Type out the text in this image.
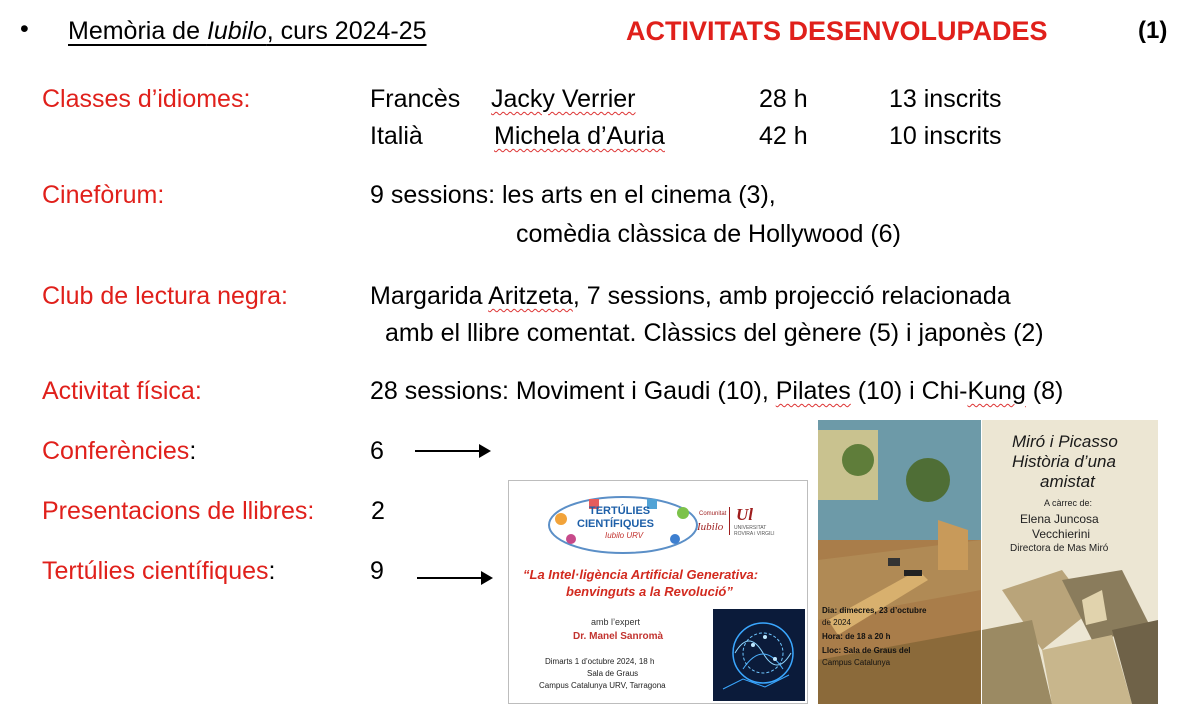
• Memòria de Iubilo, curs 2024-25	ACTIVITATS DESENVOLUPADES	(1)
Classes d’idiomes:	Francès Jacky Verrier	28 h	13 inscrits
Italià	Michela d’Auria	42 h	10 inscrits
Cinefòrum:	9 sessions: les arts en el cinema (3),
comèdia clàssica de Hollywood (6)
Club de lectura negra:	Margarida Aritzeta, 7 sessions, amb projecció relacionada
amb el llibre comentat. Clàssics del gènere (5) i japonès (2)
Activitat física:	28 sessions: Moviment i Gaudi (10), Pilates (10) i Chi-Kung (8)
Conferències:	6
Presentacions de llibres: 2
Tertúlies científiques:	9
TERTÚLIES
CIENTÍFIQUES
Iubilo URV
Comunitat
Iubilo
Ul
UNIVERSITAT
ROVIRA i VIRGILI
“La Intel·ligència Artificial Generativa:
benvinguts a la Revolució”
amb l’expert
Dr. Manel Sanromà
Dimarts 1 d’octubre 2024, 18 h
Sala de Graus
Campus Catalunya URV, Tarragona
Dia: dimecres, 23 d’octubre
de 2024
Hora: de 18 a 20 h
Lloc: Sala de Graus del
Campus Catalunya
Miró i Picasso
Història d’una
amistat
A càrrec de:
Elena Juncosa
Vecchierini
Directora de Mas Miró
